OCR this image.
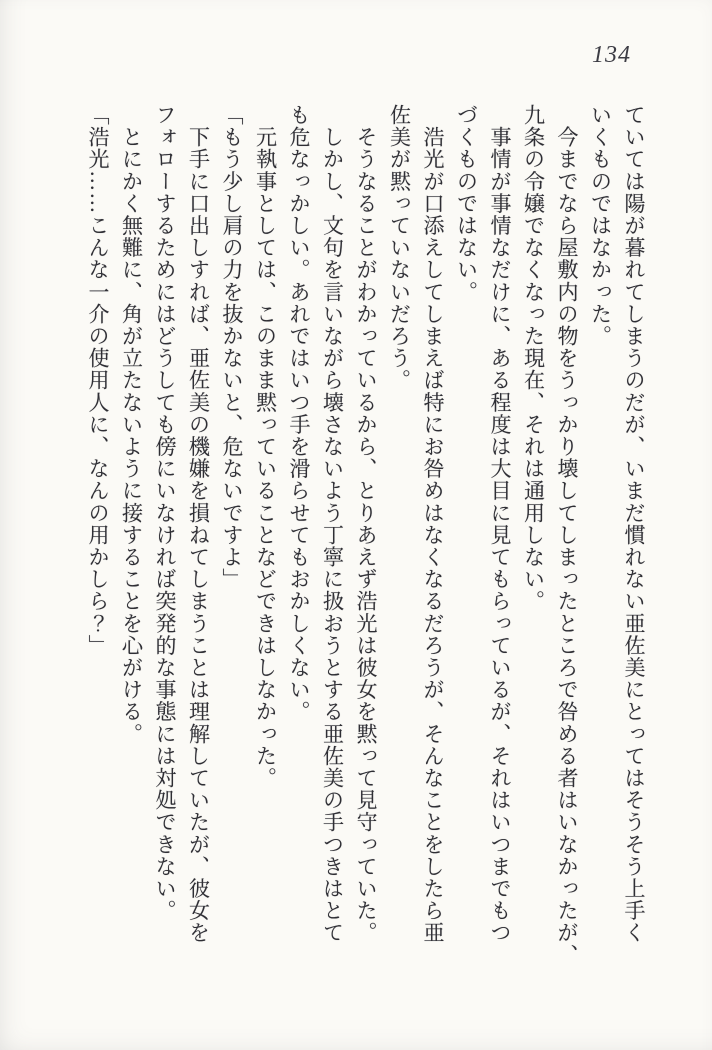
134
ていては陽が暮れてしまうのだが、いまだ慣れない亜佐美にとってはそうそう上手く
いくものではなかった。
　今までなら屋敷内の物をうっかり壊してしまったところで咎める者はいなかったが、
九条の令嬢でなくなった現在、それは通用しない。
　事情が事情なだけに、ある程度は大目に見てもらっているが、それはいつまでもつ
づくものではない。
　浩光が口添えしてしまえば特にお咎めはなくなるだろうが、そんなことをしたら亜
佐美が黙っていないだろう。
　そうなることがわかっているから、とりあえず浩光は彼女を黙って見守っていた。
　しかし、文句を言いながら壊さないよう丁寧に扱おうとする亜佐美の手つきはとて
も危なっかしい。あれではいつ手を滑らせてもおかしくない。
　元執事としては、このまま黙っていることなどできはしなかった。
「もう少し肩の力を抜かないと、危ないですよ」
　下手に口出しすれば、亜佐美の機嫌を損ねてしまうことは理解していたが、彼女を
フォローするためにはどうしても傍にいなければ突発的な事態には対処できない。
　とにかく無難に、角が立たないように接することを心がける。
「浩光……こんな一介の使用人に、なんの用かしら？」
